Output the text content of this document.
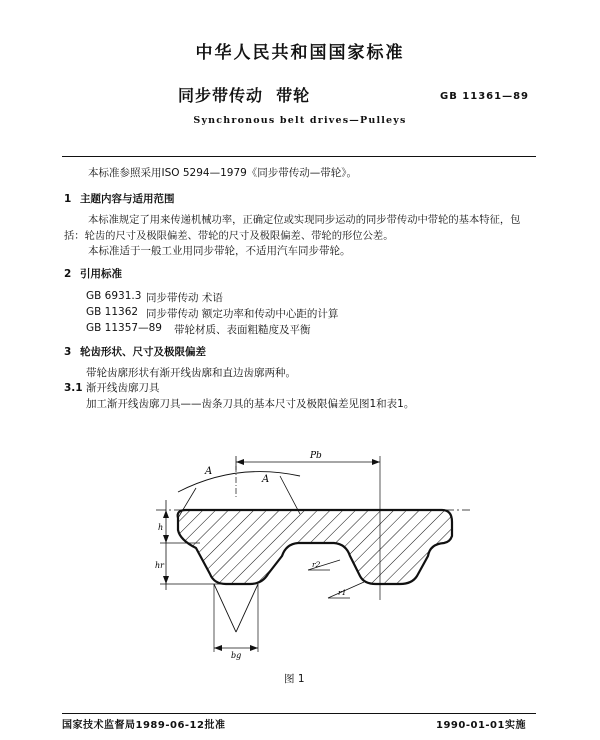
中华人民共和国国家标准
同步带传动  带轮	GB 11361—89
Synchronous belt drives—Pulleys
本标准参照采用ISO 5294—1979《同步带传动—带轮》。
1 主题内容与适用范围
本标准规定了用来传递机械功率，正确定位或实现同步运动的同步带传动中带轮的基本特征，包
括：轮齿的尺寸及极限偏差、带轮的尺寸及极限偏差、带轮的形位公差。
本标准适于一般工业用同步带轮，不适用汽车同步带轮。
2 引用标准
GB 6931.3 同步带传动 术语
GB 11362 同步带传动 额定功率和传动中心距的计算
GB 11357—89 带轮材质、表面粗糙度及平衡
3 轮齿形状、尺寸及极限偏差
带轮齿廓形状有渐开线齿廓和直边齿廓两种。
3.1 渐开线齿廓刀具
加工渐开线齿廓刀具——齿条刀具的基本尺寸及极限偏差见图1和表1。
A
A
Pb
h
hr
bg
r2
r1
图 1
国家技术监督局1989-06-12批准	1990-01-01实施
